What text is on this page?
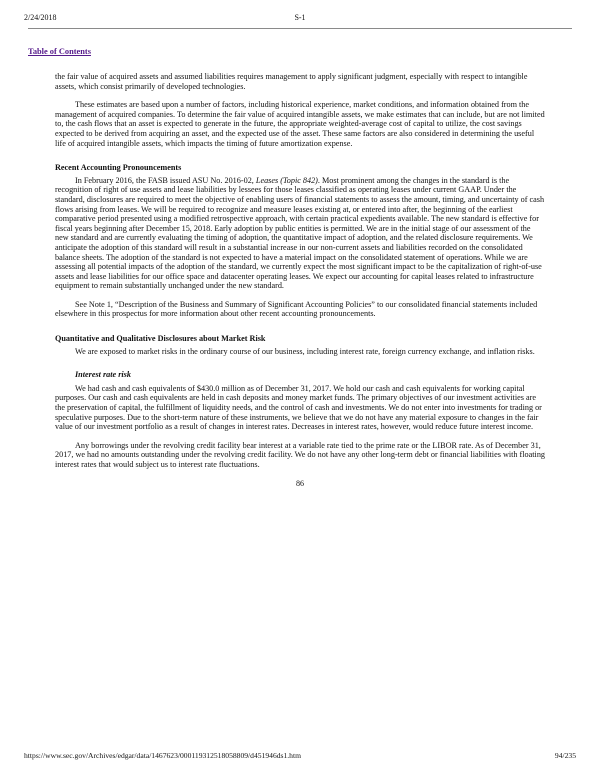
2/24/2018	S-1
Table of Contents

the fair value of acquired assets and assumed liabilities requires management to apply significant judgment, especially with respect to intangible assets, which consist primarily of developed technologies.

These estimates are based upon a number of factors, including historical experience, market conditions, and information obtained from the management of acquired companies. To determine the fair value of acquired intangible assets, we make estimates that can include, but are not limited to, the cash flows that an asset is expected to generate in the future, the appropriate weighted-average cost of capital to utilize, the cost savings expected to be derived from acquiring an asset, and the expected use of the asset. These same factors are also considered in determining the useful life of acquired intangible assets, which impacts the timing of future amortization expense.

Recent Accounting Pronouncements

In February 2016, the FASB issued ASU No. 2016-02, Leases (Topic 842). Most prominent among the changes in the standard is the recognition of right of use assets and lease liabilities by lessees for those leases classified as operating leases under current GAAP. Under the standard, disclosures are required to meet the objective of enabling users of financial statements to assess the amount, timing, and uncertainty of cash flows arising from leases. We will be required to recognize and measure leases existing at, or entered into after, the beginning of the earliest comparative period presented using a modified retrospective approach, with certain practical expedients available. The new standard is effective for fiscal years beginning after December 15, 2018. Early adoption by public entities is permitted. We are in the initial stage of our assessment of the new standard and are currently evaluating the timing of adoption, the quantitative impact of adoption, and the related disclosure requirements. We anticipate the adoption of this standard will result in a substantial increase in our non-current assets and liabilities recorded on the consolidated balance sheets. The adoption of the standard is not expected to have a material impact on the consolidated statement of operations. While we are assessing all potential impacts of the adoption of the standard, we currently expect the most significant impact to be the capitalization of right-of-use assets and lease liabilities for our office space and datacenter operating leases. We expect our accounting for capital leases related to infrastructure equipment to remain substantially unchanged under the new standard.

See Note 1, “Description of the Business and Summary of Significant Accounting Policies” to our consolidated financial statements included elsewhere in this prospectus for more information about other recent accounting pronouncements.

Quantitative and Qualitative Disclosures about Market Risk

We are exposed to market risks in the ordinary course of our business, including interest rate, foreign currency exchange, and inflation risks.

Interest rate risk

We had cash and cash equivalents of $430.0 million as of December 31, 2017. We hold our cash and cash equivalents for working capital purposes. Our cash and cash equivalents are held in cash deposits and money market funds. The primary objectives of our investment activities are the preservation of capital, the fulfillment of liquidity needs, and the control of cash and investments. We do not enter into investments for trading or speculative purposes. Due to the short-term nature of these instruments, we believe that we do not have any material exposure to changes in the fair value of our investment portfolio as a result of changes in interest rates. Decreases in interest rates, however, would reduce future interest income.

Any borrowings under the revolving credit facility bear interest at a variable rate tied to the prime rate or the LIBOR rate. As of December 31, 2017, we had no amounts outstanding under the revolving credit facility. We do not have any other long-term debt or financial liabilities with floating interest rates that would subject us to interest rate fluctuations.

86
https://www.sec.gov/Archives/edgar/data/1467623/000119312518058809/d451946ds1.htm	94/235
